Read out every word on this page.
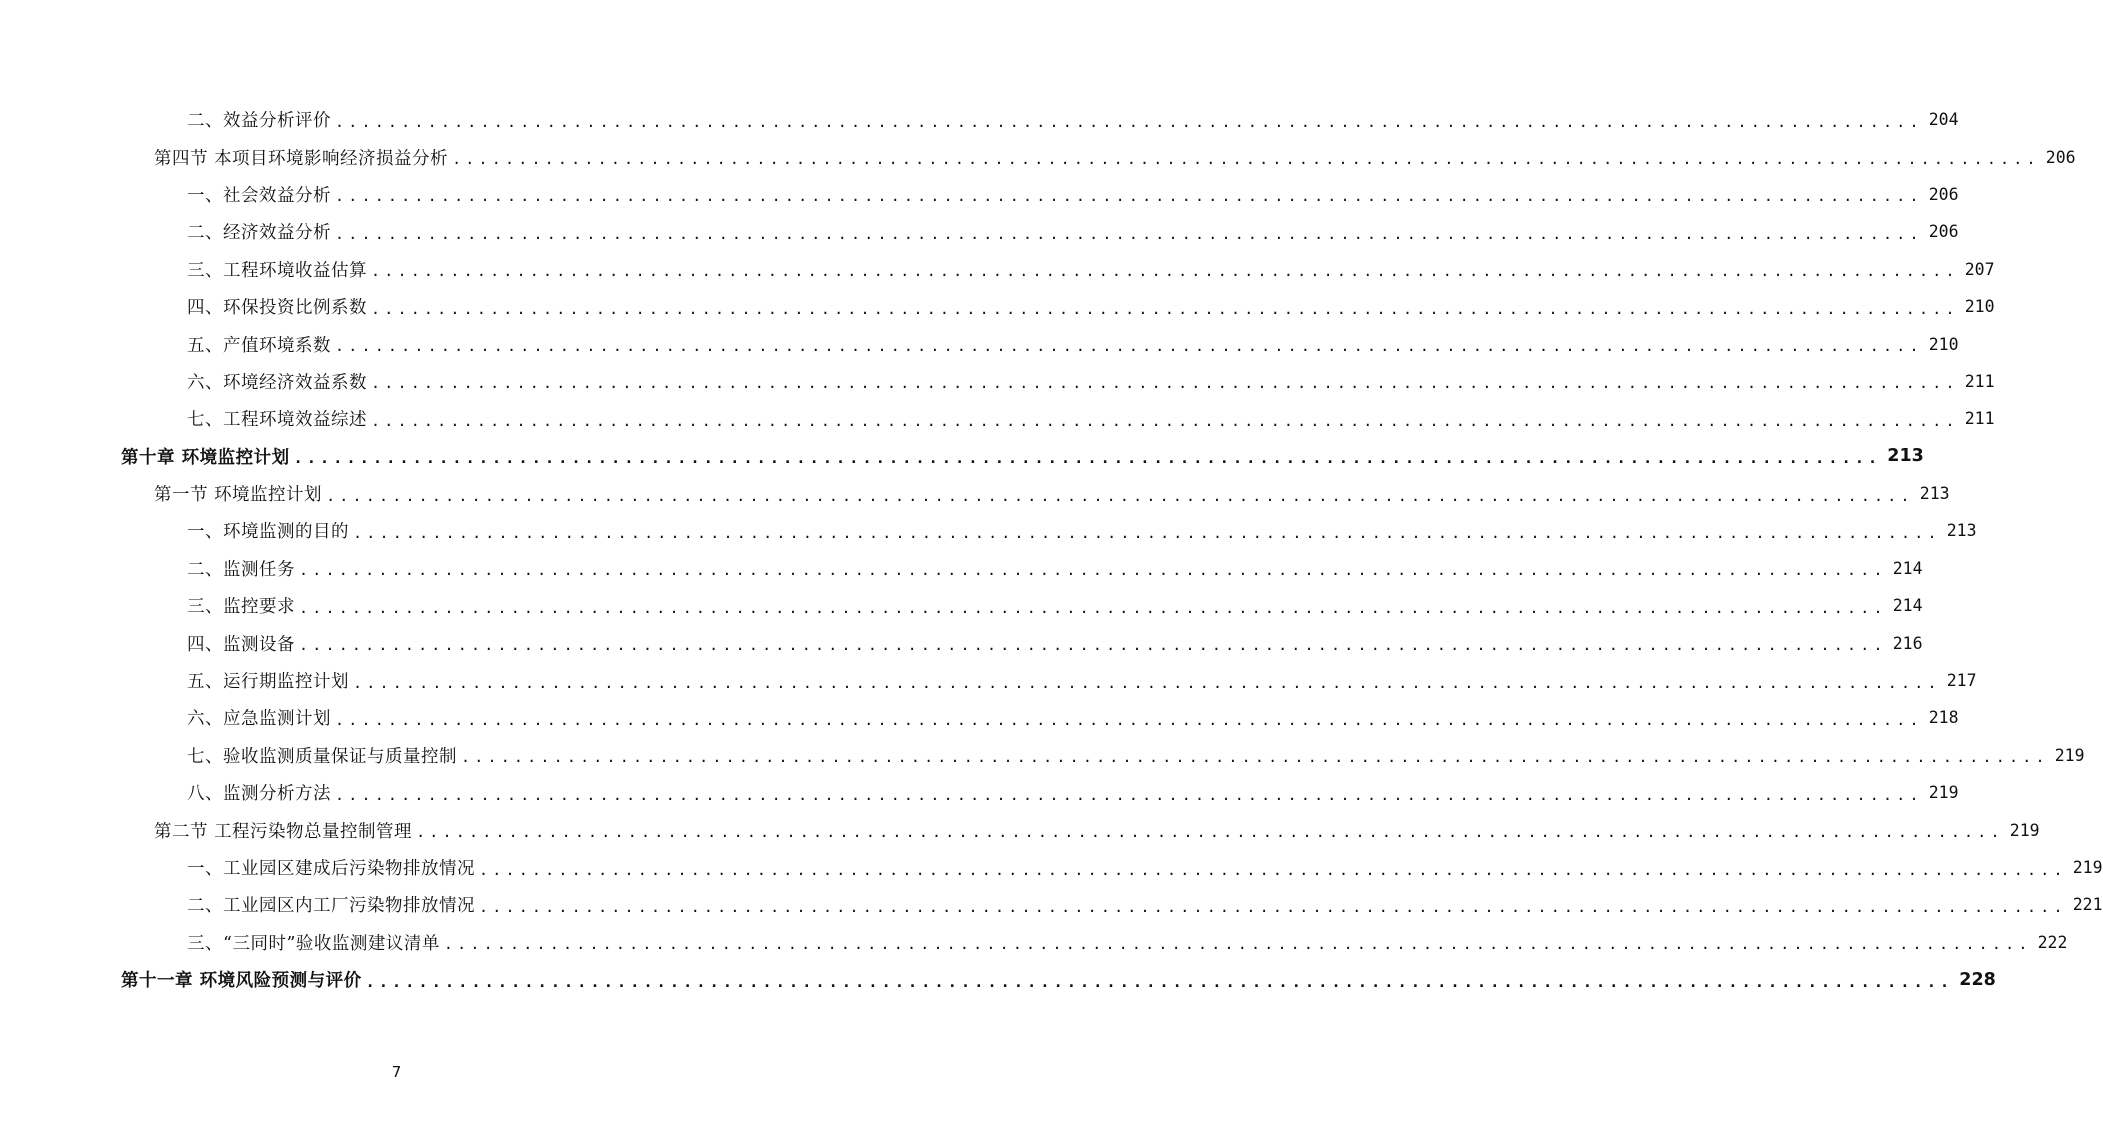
二、效益分析评价 ........................................................................................................................ 204
第四节 本项目环境影响经济损益分析 ........................................................................................................................ 206
一、社会效益分析 ........................................................................................................................ 206
二、经济效益分析 ........................................................................................................................ 206
三、工程环境收益估算 ........................................................................................................................ 207
四、环保投资比例系数 ........................................................................................................................ 210
五、产值环境系数 ........................................................................................................................ 210
六、环境经济效益系数 ........................................................................................................................ 211
七、工程环境效益综述 ........................................................................................................................ 211
第十章 环境监控计划 ........................................................................................................................ 213
第一节 环境监控计划 ........................................................................................................................ 213
一、环境监测的目的 ........................................................................................................................ 213
二、监测任务 ........................................................................................................................ 214
三、监控要求 ........................................................................................................................ 214
四、监测设备 ........................................................................................................................ 216
五、运行期监控计划 ........................................................................................................................ 217
六、应急监测计划 ........................................................................................................................ 218
七、验收监测质量保证与质量控制 ........................................................................................................................ 219
八、监测分析方法 ........................................................................................................................ 219
第二节 工程污染物总量控制管理 ........................................................................................................................ 219
一、工业园区建成后污染物排放情况 ........................................................................................................................ 219
二、工业园区内工厂污染物排放情况 ........................................................................................................................ 221
三、“三同时”验收监测建议清单 ........................................................................................................................ 222
第十一章 环境风险预测与评价 ........................................................................................................................ 228
7
